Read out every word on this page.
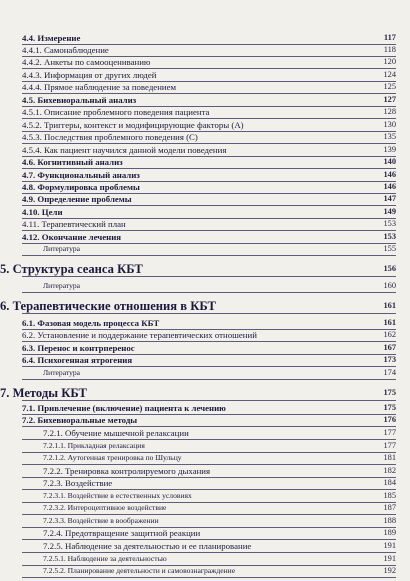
4.4. Измерение	117
4.4.1. Самонаблюдение	118
4.4.2. Анкеты по самооцениванию	120
4.4.3. Информация от других людей	124
4.4.4. Прямое наблюдение за поведением	125
4.5. Бихевиоральный анализ	127
4.5.1. Описание проблемного поведения пациента	128
4.5.2. Триггеры, контекст и модифицирующие факторы (А)	130
4.5.3. Последствия проблемного поведения (С)	135
4.5.4. Как пациент научился данной модели поведения	139
4.6. Когнитивный анализ	140
4.7. Функциональный анализ	146
4.8. Формулировка проблемы	146
4.9. Определение проблемы	147
4.10. Цели	149
4.11. Терапевтический план	153
4.12. Окончание лечения	153
Литература	155
5. Структура сеанса КБТ	156
Литература	160
6. Терапевтические отношения в КБТ	161
6.1. Фазовая модель процесса КБТ	161
6.2. Установление и поддержание терапевтических отношений	162
6.3. Перенос и контрперенос	167
6.4. Психогенная ятрогения	173
Литература	174
7. Методы КБТ	175
7.1. Привлечение (включение) пациента к лечению	175
7.2. Бихевиоральные методы	176
7.2.1. Обучение мышечной релаксации	177
7.2.1.1. Прикладная релаксация	177
7.2.1.2. Аутогенная тренировка по Шульцу	181
7.2.2. Тренировка контролируемого дыхания	182
7.2.3. Воздействие	184
7.2.3.1. Воздействие в естественных условиях	185
7.2.3.2. Интероцептивное воздействие	187
7.2.3.3. Воздействие в воображении	188
7.2.4. Предотвращение защитной реакции	189
7.2.5. Наблюдение за деятельностью и ее планирование	191
7.2.5.1. Наблюдение за деятельностью	191
7.2.5.2. Планирование деятельности и самовознаграждение	192
